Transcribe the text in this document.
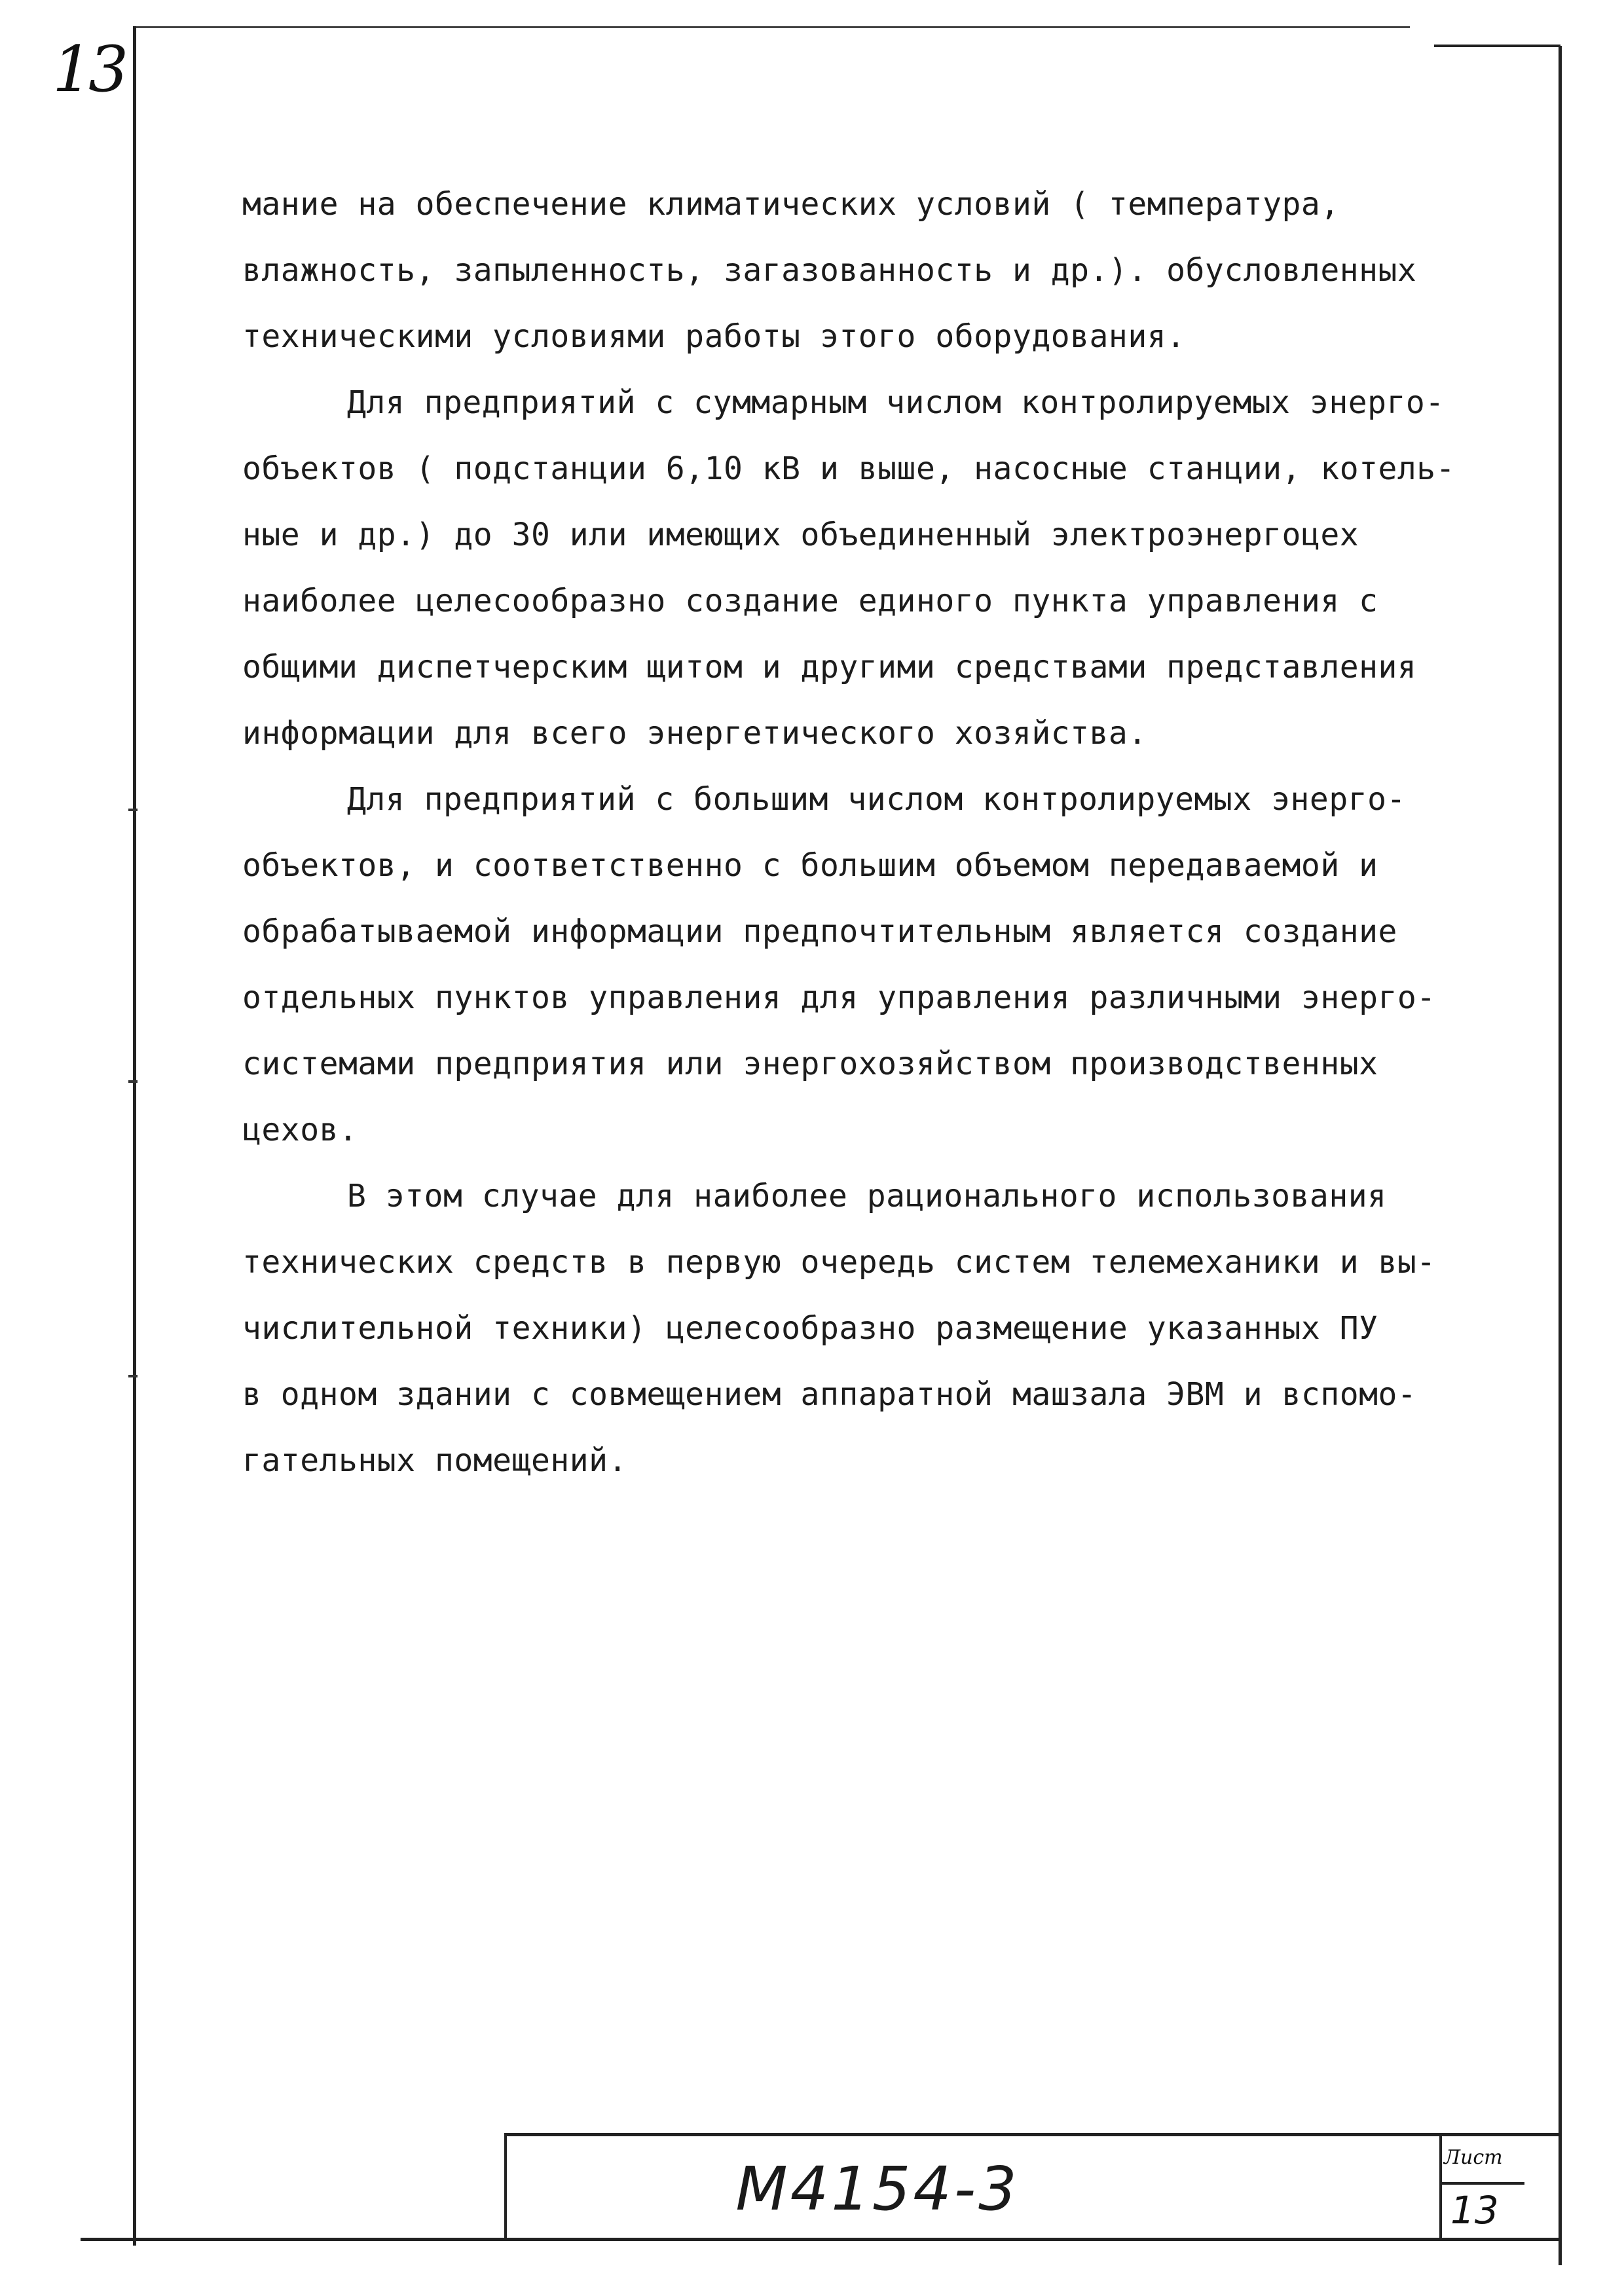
13
мание на обеспечение климатических условий ( температура,
влажность, запыленность, загазованность и др.). обусловленных
техническими условиями работы этого оборудования.
Для предприятий с суммарным числом контролируемых энерго-
объектов ( подстанции 6,10 кВ и выше, насосные станции, котель-
ные и др.) до 30 или имеющих объединенный электроэнергоцех
наиболее целесообразно создание единого пункта управления с
общими диспетчерским щитом и другими средствами представления
информации для всего энергетического хозяйства.
Для предприятий с большим числом контролируемых энерго-
объектов, и соответственно с большим объемом передаваемой и
обрабатываемой информации предпочтительным является создание
отдельных пунктов управления для управления различными энерго-
системами предприятия или энергохозяйством производственных
цехов.
В этом случае для наиболее рационального использования
технических средств в первую очередь систем телемеханики и вы-
числительной техники) целесообразно размещение указанных ПУ
в одном здании с совмещением аппаратной машзала ЭВМ и вспомо-
гательных помещений.
М4154-3	Лист
13
